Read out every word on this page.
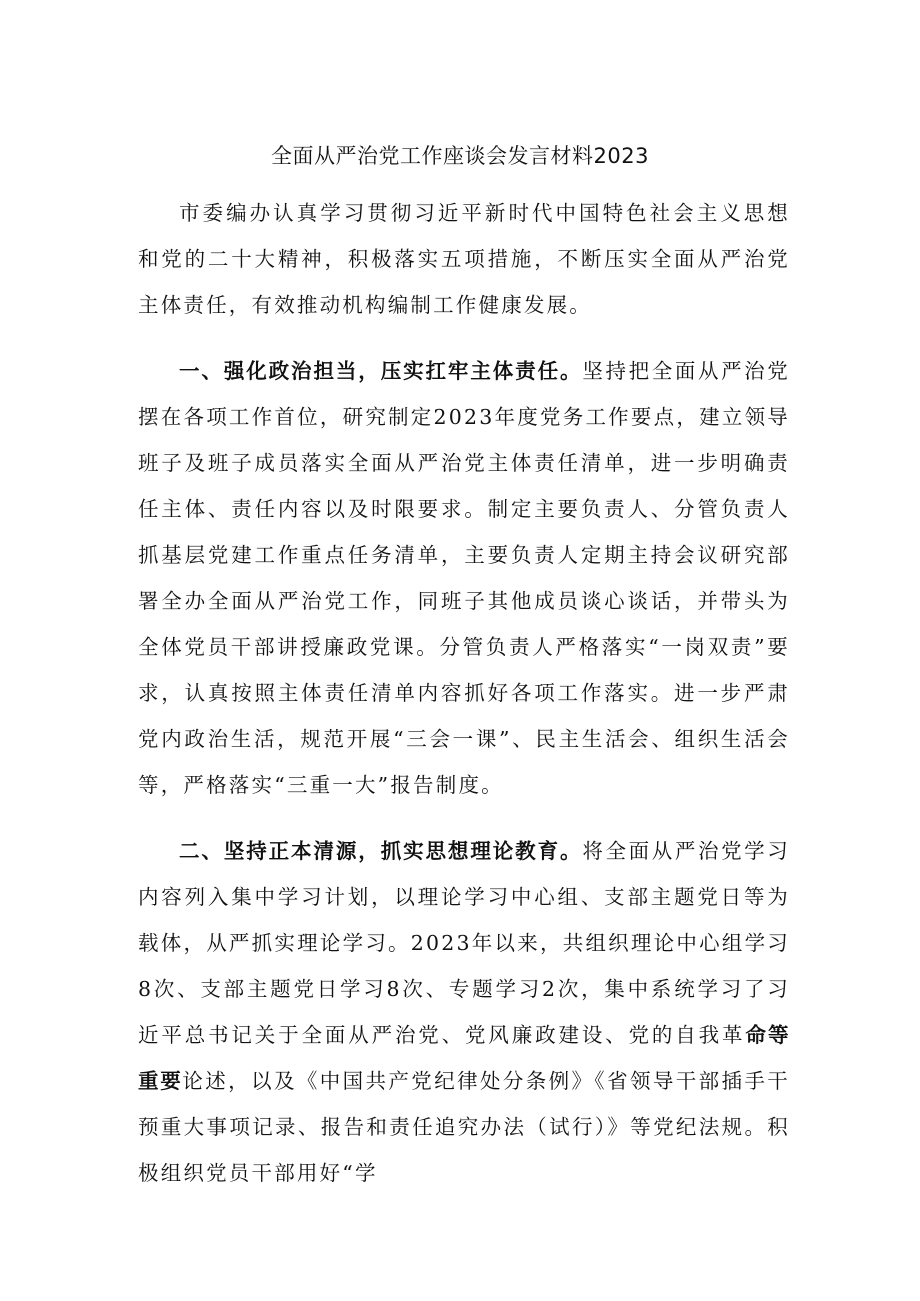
全面从严治党工作座谈会发言材料2023

市委编办认真学习贯彻习近平新时代中国特色社会主义思想和党的二十大精神，积极落实五项措施，不断压实全面从严治党主体责任，有效推动机构编制工作健康发展。

一、强化政治担当，压实扛牢主体责任。坚持把全面从严治党摆在各项工作首位，研究制定2023年度党务工作要点，建立领导班子及班子成员落实全面从严治党主体责任清单，进一步明确责任主体、责任内容以及时限要求。制定主要负责人、分管负责人抓基层党建工作重点任务清单，主要负责人定期主持会议研究部署全办全面从严治党工作，同班子其他成员谈心谈话，并带头为全体党员干部讲授廉政党课。分管负责人严格落实“一岗双责”要求，认真按照主体责任清单内容抓好各项工作落实。进一步严肃党内政治生活，规范开展“三会一课”、民主生活会、组织生活会等，严格落实“三重一大”报告制度。

二、坚持正本清源，抓实思想理论教育。将全面从严治党学习内容列入集中学习计划，以理论学习中心组、支部主题党日等为载体，从严抓实理论学习。2023年以来，共组织理论中心组学习8次、支部主题党日学习8次、专题学习2次，集中系统学习了习近平总书记关于全面从严治党、党风廉政建设、党的自我革命等重要论述，以及《中国共产党纪律处分条例》《省领导干部插手干预重大事项记录、报告和责任追究办法（试行）》等党纪法规。积极组织党员干部用好“学
